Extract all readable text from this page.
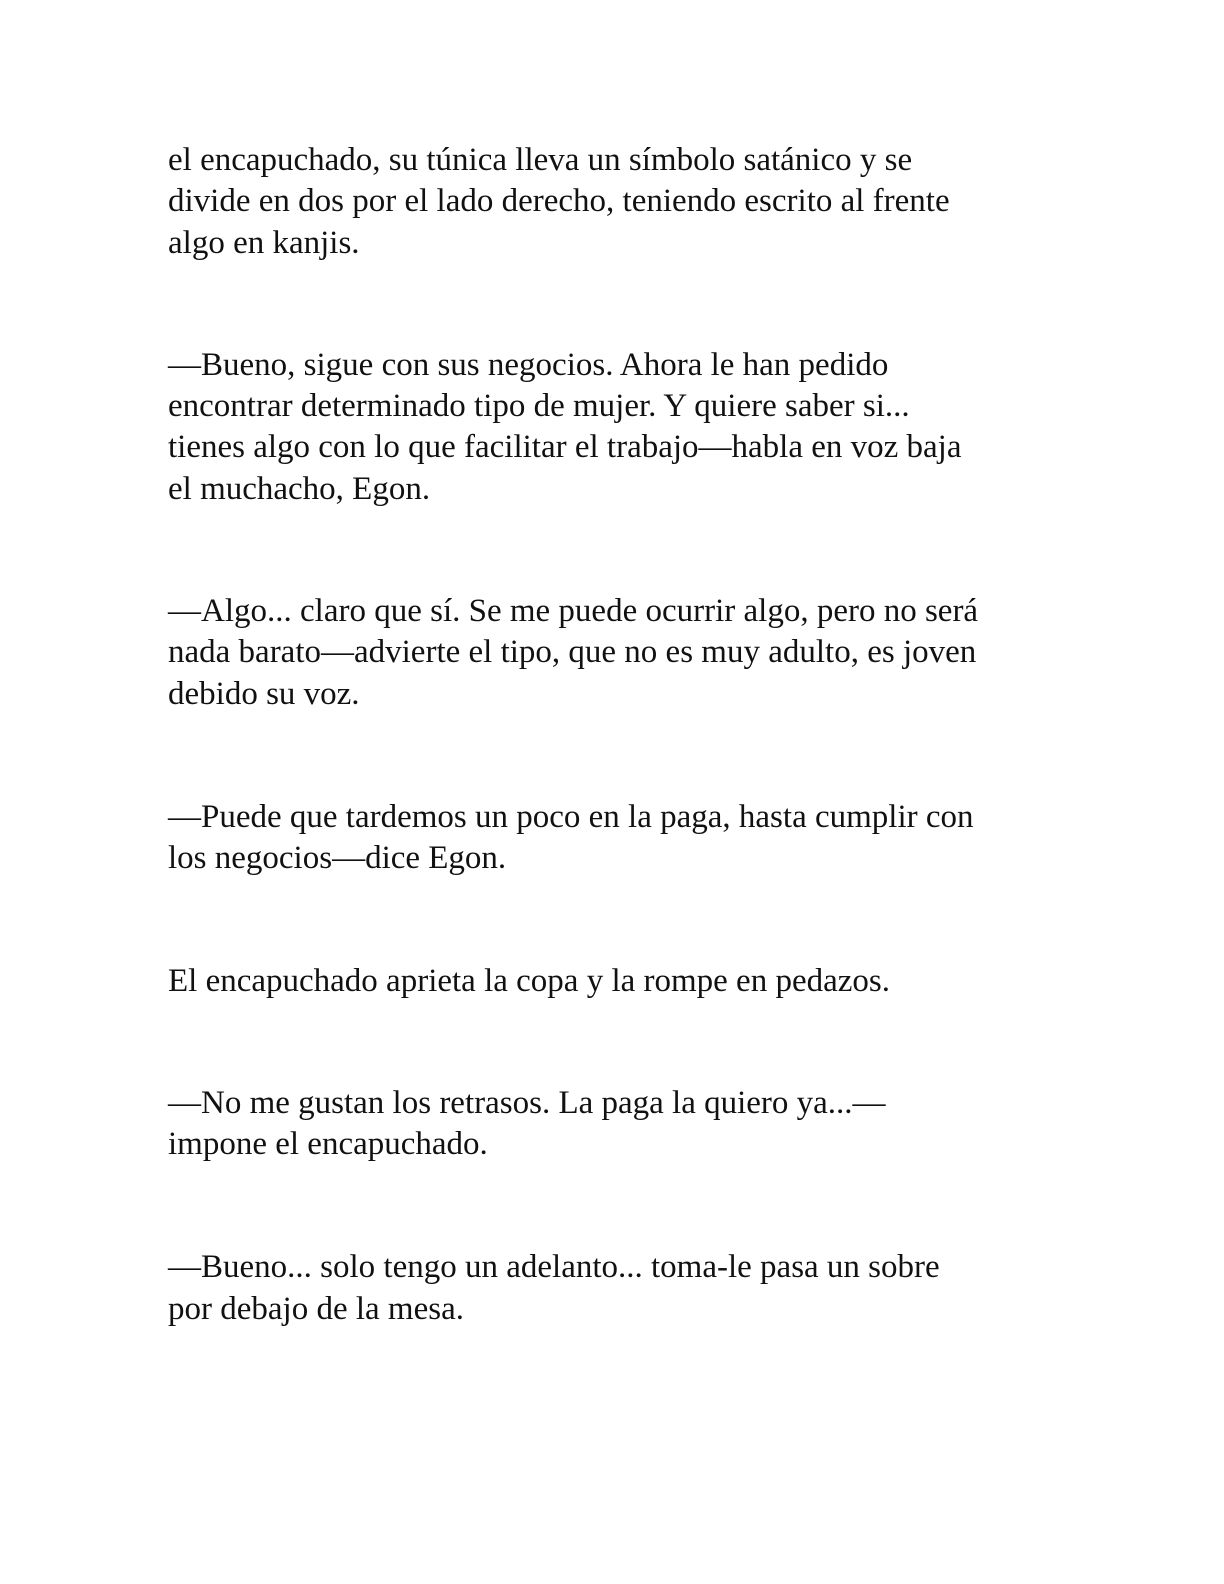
el encapuchado, su túnica lleva un símbolo satánico y se
divide en dos por el lado derecho, teniendo escrito al frente
algo en kanjis.

—Bueno, sigue con sus negocios. Ahora le han pedido
encontrar determinado tipo de mujer. Y quiere saber si...
tienes algo con lo que facilitar el trabajo—habla en voz baja
el muchacho, Egon.

—Algo... claro que sí. Se me puede ocurrir algo, pero no será
nada barato—advierte el tipo, que no es muy adulto, es joven
debido su voz.

—Puede que tardemos un poco en la paga, hasta cumplir con
los negocios—dice Egon.

El encapuchado aprieta la copa y la rompe en pedazos.

—No me gustan los retrasos. La paga la quiero ya...—
impone el encapuchado.

—Bueno... solo tengo un adelanto... toma-le pasa un sobre
por debajo de la mesa.
